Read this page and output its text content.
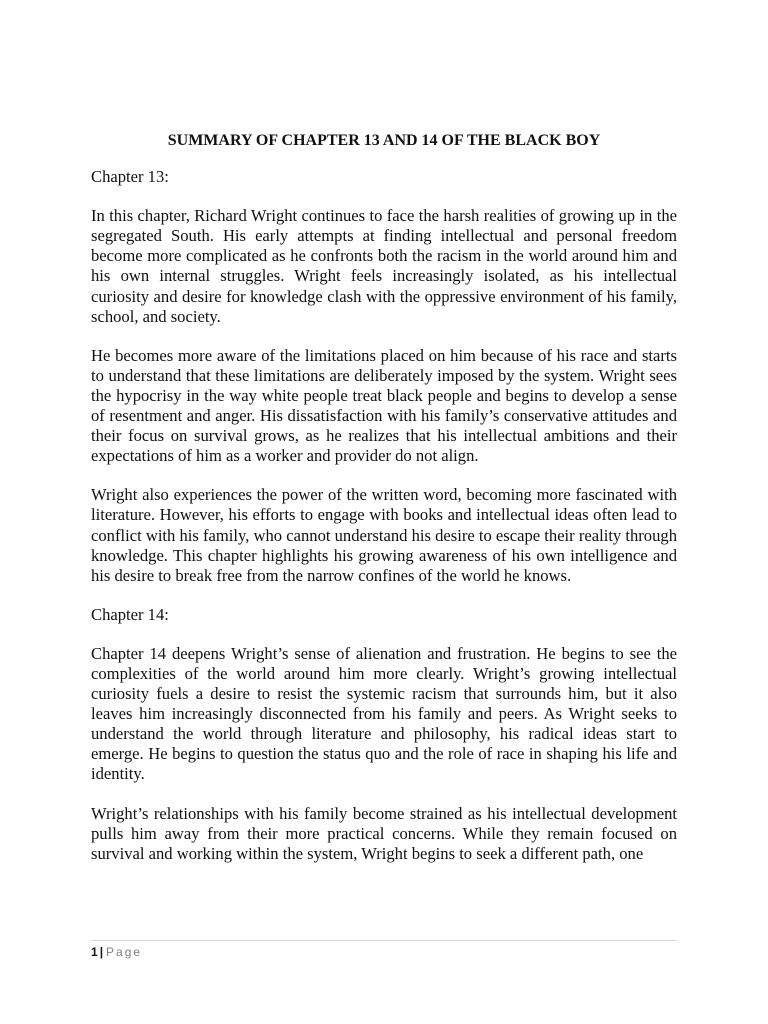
SUMMARY OF CHAPTER 13 AND 14 OF THE BLACK BOY

Chapter 13:

In this chapter, Richard Wright continues to face the harsh realities of growing up in the segregated South. His early attempts at finding intellectual and personal freedom become more complicated as he confronts both the racism in the world around him and his own internal struggles. Wright feels increasingly isolated, as his intellectual curiosity and desire for knowledge clash with the oppressive environment of his family, school, and society.

He becomes more aware of the limitations placed on him because of his race and starts to understand that these limitations are deliberately imposed by the system. Wright sees the hypocrisy in the way white people treat black people and begins to develop a sense of resentment and anger. His dissatisfaction with his family’s conservative attitudes and their focus on survival grows, as he realizes that his intellectual ambitions and their expectations of him as a worker and provider do not align.

Wright also experiences the power of the written word, becoming more fascinated with literature. However, his efforts to engage with books and intellectual ideas often lead to conflict with his family, who cannot understand his desire to escape their reality through knowledge. This chapter highlights his growing awareness of his own intelligence and his desire to break free from the narrow confines of the world he knows.

Chapter 14:

Chapter 14 deepens Wright’s sense of alienation and frustration. He begins to see the complexities of the world around him more clearly. Wright’s growing intellectual curiosity fuels a desire to resist the systemic racism that surrounds him, but it also leaves him increasingly disconnected from his family and peers. As Wright seeks to understand the world through literature and philosophy, his radical ideas start to emerge. He begins to question the status quo and the role of race in shaping his life and identity.

Wright’s relationships with his family become strained as his intellectual development pulls him away from their more practical concerns. While they remain focused on survival and working within the system, Wright begins to seek a different path, one

1 | Page
